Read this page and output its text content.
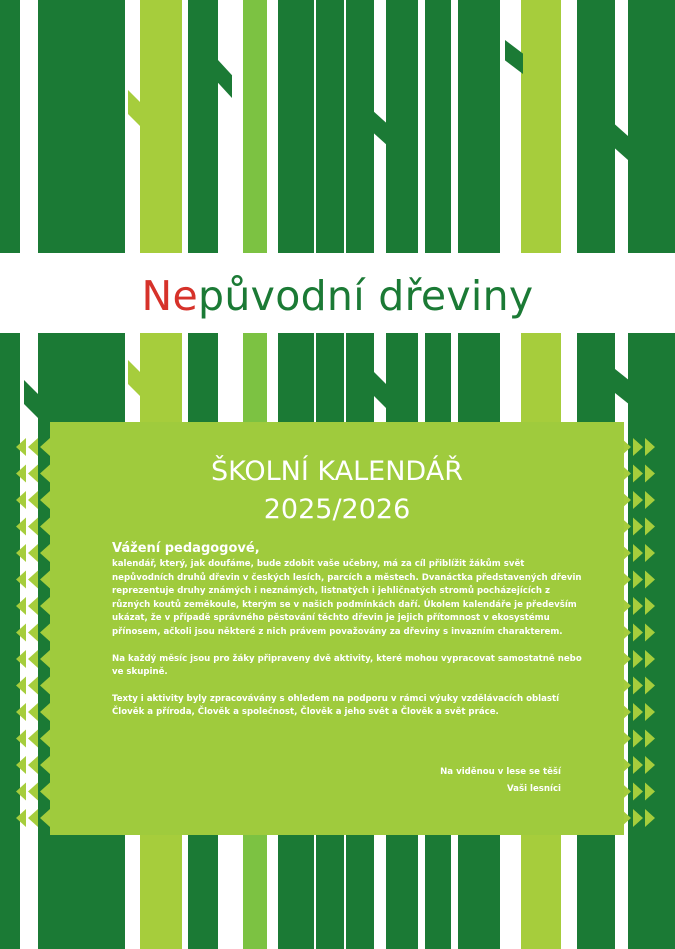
Nepůvodní dřeviny
ŠKOLNÍ KALENDÁŘ
2025/2026
Vážení pedagogové,

kalendář, který, jak doufáme, bude zdobit vaše učebny, má za cíl přiblížit žákům svět nepůvodních druhů dřevin v českých lesích, parcích a městech. Dvanáctka představených dřevin reprezentuje druhy známých i neznámých, listnatých i jehličnatých stromů pocházejících z různých koutů zeměkoule, kterým se v našich podmínkách daří. Úkolem kalendáře je především ukázat, že v případě správného pěstování těchto dřevin je jejich přítomnost v ekosystému přínosem, ačkoli jsou některé z nich právem považovány za dřeviny s invazním charakterem.

Na každý měsíc jsou pro žáky připraveny dvě aktivity, které mohou vypracovat samostatně nebo ve skupině.

Texty i aktivity byly zpracovávány s ohledem na podporu v rámci výuky vzdělávacích oblastí Člověk a příroda, Člověk a společnost, Člověk a jeho svět a Člověk a svět práce.

Na viděnou v lese se těší
Vaši lesníci
